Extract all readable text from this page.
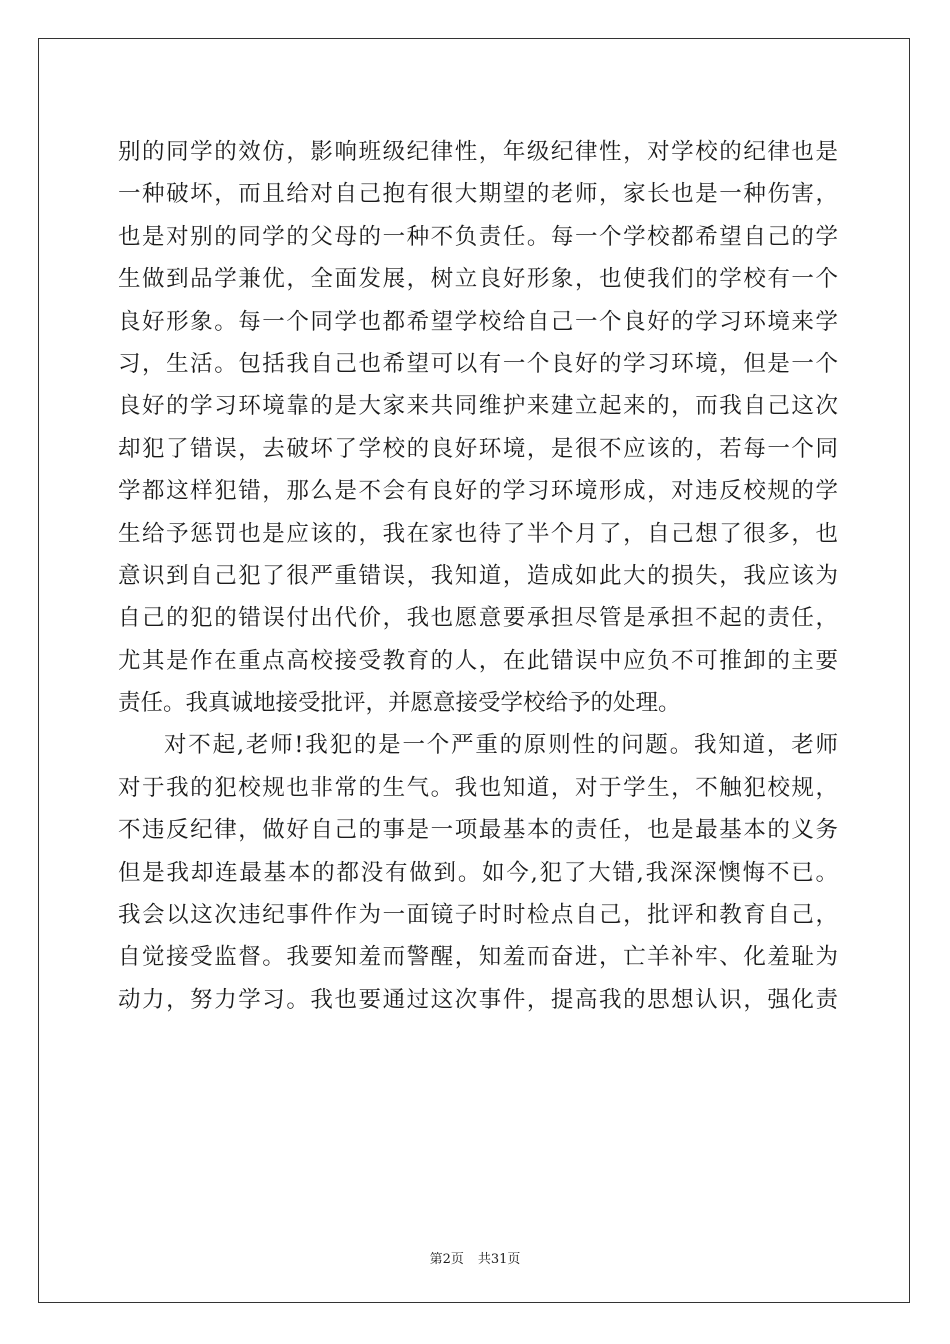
别的同学的效仿，影响班级纪律性，年级纪律性，对学校的纪律也是
一种破坏，而且给对自己抱有很大期望的老师，家长也是一种伤害，
也是对别的同学的父母的一种不负责任。每一个学校都希望自己的学
生做到品学兼优，全面发展，树立良好形象，也使我们的学校有一个
良好形象。每一个同学也都希望学校给自己一个良好的学习环境来学
习，生活。包括我自己也希望可以有一个良好的学习环境，但是一个
良好的学习环境靠的是大家来共同维护来建立起来的，而我自己这次
却犯了错误，去破坏了学校的良好环境，是很不应该的，若每一个同
学都这样犯错，那么是不会有良好的学习环境形成，对违反校规的学
生给予惩罚也是应该的，我在家也待了半个月了，自己想了很多，也
意识到自己犯了很严重错误，我知道，造成如此大的损失，我应该为
自己的犯的错误付出代价，我也愿意要承担尽管是承担不起的责任，
尤其是作在重点高校接受教育的人，在此错误中应负不可推卸的主要
责任。我真诚地接受批评，并愿意接受学校给予的处理。
对不起,老师!我犯的是一个严重的原则性的问题。我知道，老师
对于我的犯校规也非常的生气。我也知道，对于学生，不触犯校规，
不违反纪律，做好自己的事是一项最基本的责任，也是最基本的义务
但是我却连最基本的都没有做到。如今,犯了大错,我深深懊悔不已。
我会以这次违纪事件作为一面镜子时时检点自己，批评和教育自己，
自觉接受监督。我要知羞而警醒，知羞而奋进，亡羊补牢、化羞耻为
动力，努力学习。我也要通过这次事件，提高我的思想认识，强化责
第2页 共31页
